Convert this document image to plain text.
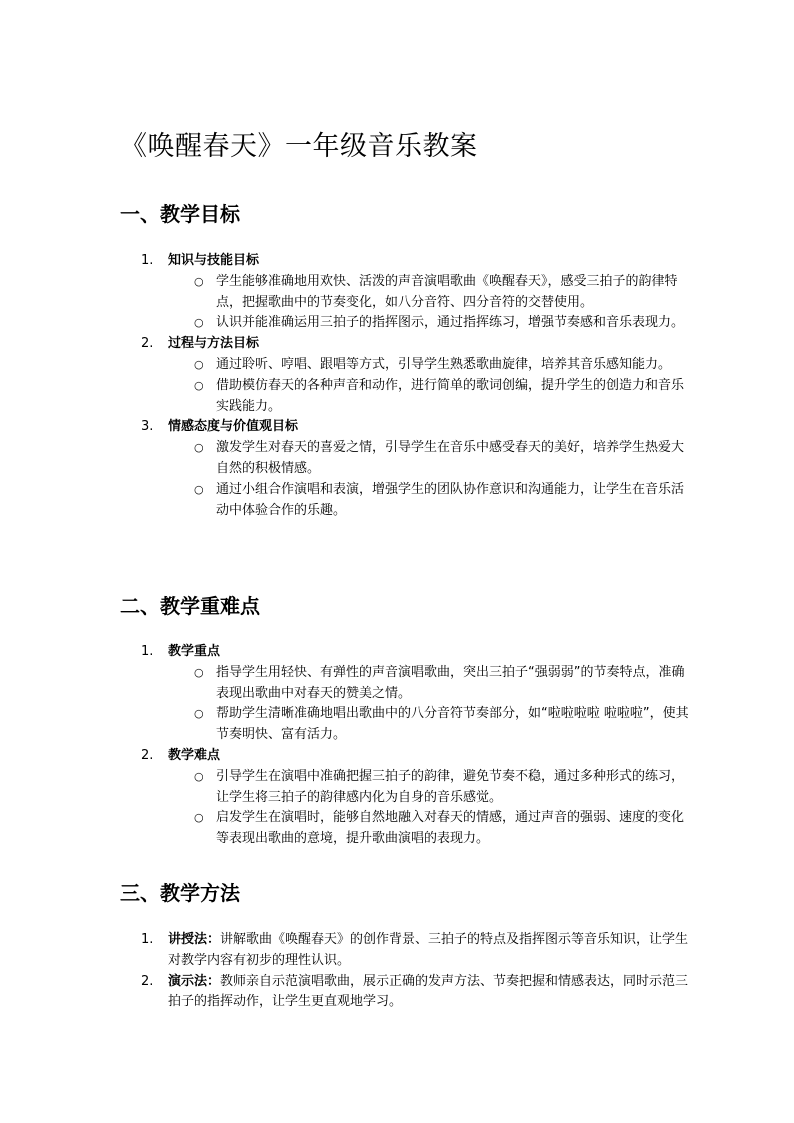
《唤醒春天》一年级音乐教案
一、教学目标
1. 知识与技能目标
○ 学生能够准确地用欢快、活泼的声音演唱歌曲《唤醒春天》，感受三拍子的韵律特点，把握歌曲中的节奏变化，如八分音符、四分音符的交替使用。
○ 认识并能准确运用三拍子的指挥图示，通过指挥练习，增强节奏感和音乐表现力。
2. 过程与方法目标
○ 通过聆听、哼唱、跟唱等方式，引导学生熟悉歌曲旋律，培养其音乐感知能力。
○ 借助模仿春天的各种声音和动作，进行简单的歌词创编，提升学生的创造力和音乐实践能力。
3. 情感态度与价值观目标
○ 激发学生对春天的喜爱之情，引导学生在音乐中感受春天的美好，培养学生热爱大自然的积极情感。
○ 通过小组合作演唱和表演，增强学生的团队协作意识和沟通能力，让学生在音乐活动中体验合作的乐趣。
二、教学重难点
1. 教学重点
○ 指导学生用轻快、有弹性的声音演唱歌曲，突出三拍子“强弱弱”的节奏特点，准确表现出歌曲中对春天的赞美之情。
○ 帮助学生清晰准确地唱出歌曲中的八分音符节奏部分，如“啦啦啦啦 啦啦啦”，使其节奏明快、富有活力。
2. 教学难点
○ 引导学生在演唱中准确把握三拍子的韵律，避免节奏不稳，通过多种形式的练习，让学生将三拍子的韵律感内化为自身的音乐感觉。
○ 启发学生在演唱时，能够自然地融入对春天的情感，通过声音的强弱、速度的变化等表现出歌曲的意境，提升歌曲演唱的表现力。
三、教学方法
1. 讲授法：讲解歌曲《唤醒春天》的创作背景、三拍子的特点及指挥图示等音乐知识，让学生对教学内容有初步的理性认识。
2. 演示法：教师亲自示范演唱歌曲，展示正确的发声方法、节奏把握和情感表达，同时示范三拍子的指挥动作，让学生更直观地学习。
